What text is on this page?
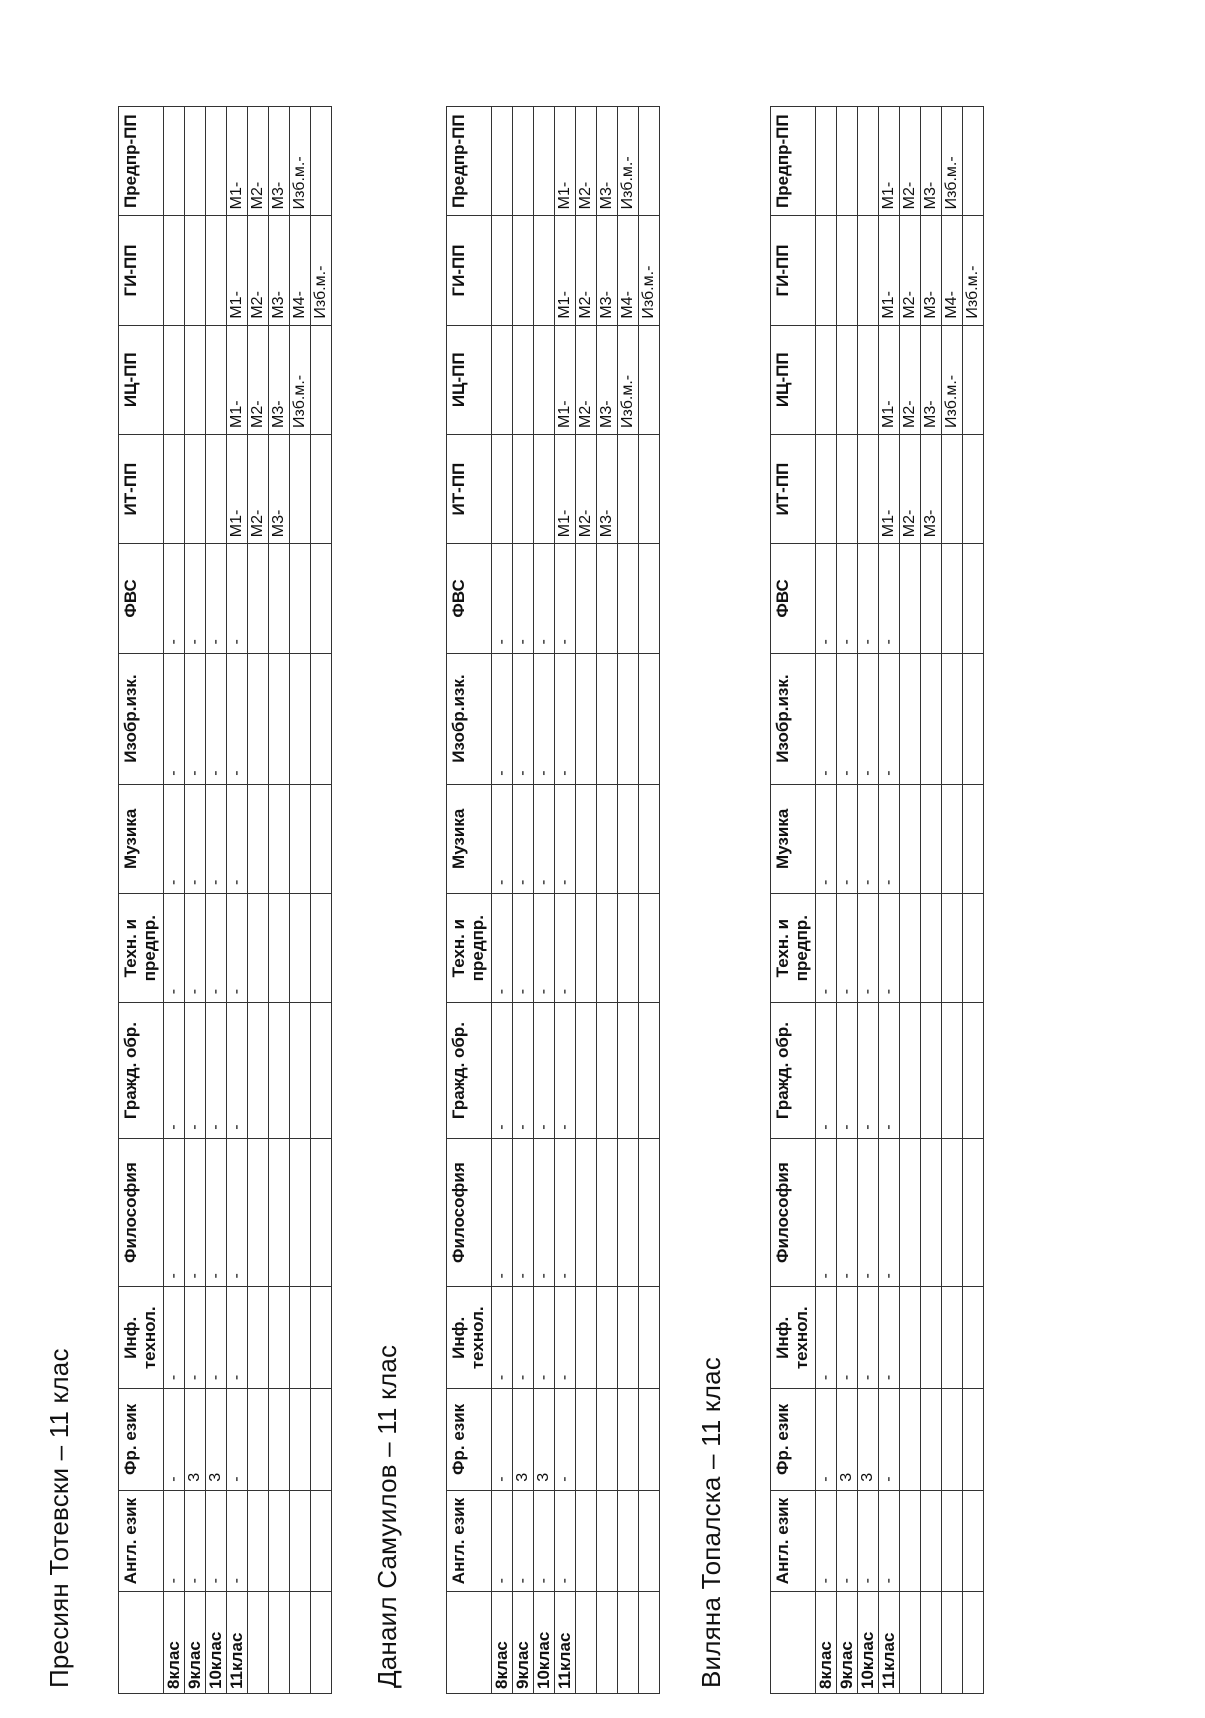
Пресиян Тотевски – 11 клас
		Англ. език	Фр. език	Инф. технол.	Философия	Гражд. обр.	Техн. и предпр.	Музика	Изобр.изк.	ФВС	ИТ-ПП	ИЦ-ПП	ГИ-ПП	Предпр-ПП
8клас	-	-	-	-	-	-	-	-	-				
9клас	-	3	-	-	-	-	-	-	-				
10клас	-	3	-	-	-	-	-	-	-				
11клас	-	-	-	-	-	-	-	-	-	М1-	М1-	М1-	М1-
										М2-	М2-	М2-	М2-
										М3-	М3-	М3-	М3-
											Изб.м.-	М4-	Изб.м.-
												Изб.м.-	
Данаил Самуилов – 11 клас
		Англ. език	Фр. език	Инф. технол.	Философия	Гражд. обр.	Техн. и предпр.	Музика	Изобр.изк.	ФВС	ИТ-ПП	ИЦ-ПП	ГИ-ПП	Предпр-ПП
8клас	-	-	-	-	-	-	-	-	-				
9клас	-	3	-	-	-	-	-	-	-				
10клас	-	3	-	-	-	-	-	-	-				
11клас	-	-	-	-	-	-	-	-	-	М1-	М1-	М1-	М1-
										М2-	М2-	М2-	М2-
										М3-	М3-	М3-	М3-
											Изб.м.-	М4-	Изб.м.-
												Изб.м.-	
Виляна Топалска – 11 клас
		Англ. език	Фр. език	Инф. технол.	Философия	Гражд. обр.	Техн. и предпр.	Музика	Изобр.изк.	ФВС	ИТ-ПП	ИЦ-ПП	ГИ-ПП	Предпр-ПП
8клас	-	-	-	-	-	-	-	-	-				
9клас	-	3	-	-	-	-	-	-	-				
10клас	-	3	-	-	-	-	-	-	-				
11клас	-	-	-	-	-	-	-	-	-	М1-	М1-	М1-	М1-
										М2-	М2-	М2-	М2-
										М3-	М3-	М3-	М3-
											Изб.м.-	М4-	Изб.м.-
												Изб.м.-	
